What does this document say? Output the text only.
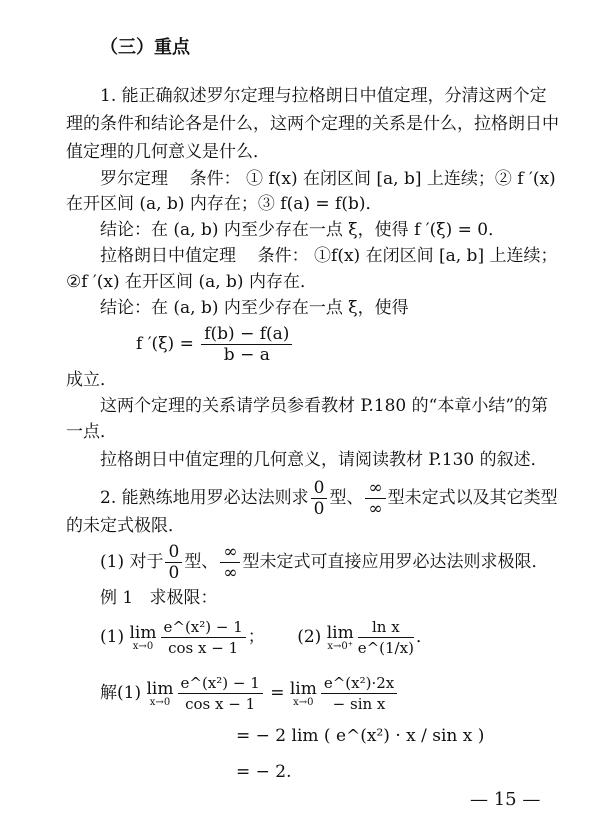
（三）重点
1. 能正确叙述罗尔定理与拉格朗日中值定理，分清这两个定
理的条件和结论各是什么，这两个定理的关系是什么，拉格朗日中
值定理的几何意义是什么．
罗尔定理 条件： ① f(x) 在闭区间 [a, b] 上连续；② f ′(x)
在开区间 (a, b) 内存在；③ f(a) = f(b)．
结论：在 (a, b) 内至少存在一点 ξ，使得 f ′(ξ) = 0．
拉格朗日中值定理 条件： ①f(x) 在闭区间 [a, b] 上连续；
②f ′(x) 在开区间 (a, b) 内存在．
结论：在 (a, b) 内至少存在一点 ξ，使得
f $'(\xi) = \frac{f(b) - f(a)}{b - a}$
成立．
这两个定理的关系请学员参看教材 P.180 的“本章小结”的第
一点．
拉格朗日中值定理的几何意义，请阅读教材 P.130 的叙述．
2. 能熟练地用罗必达法则求 $\frac{0}{0}$ 型、 $\frac{\infty}{\infty}$ 型未定式以及其它类型
的未定式极限．
(1) 对于 $\frac{0}{0}$ 型、 $\frac{\infty}{\infty}$ 型未定式可直接应用罗必达法则求极限．
例 1 求极限：
(1) lim
$x\to 0 \frac{\text{e\textasciicircum{}(x²) − 1}}{\text{cos x − 1}}$ ； (2) lim
$x\to 0^+ \frac{\text{ln x}}{e\^{}(1/x)}$ ．
解(1) lim
$x\to 0 \frac{\text{e\textasciicircum{}(x²) − 1}}{\text{cos x − 1}} = \lim$
$x\to 0 \frac{\text{e\textasciicircum{}(x²)·2x}}{\text{− sin x}}$
= − 2 lim ( e^(x²) · x / sin x )
= − 2.
— 15 —
